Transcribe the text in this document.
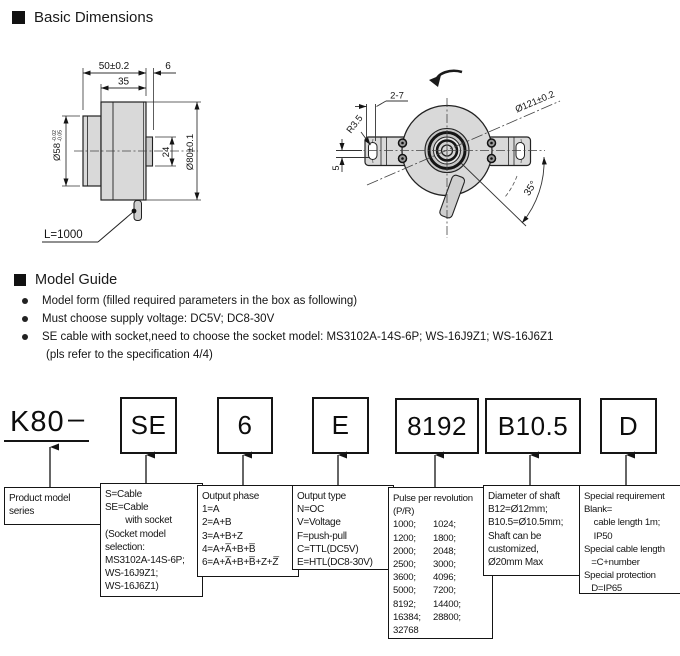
Basic Dimensions
50±0.2	6
35
Ø58
-0.02 -0.05
24 Ø80±0.1
L=1000
2-7
R3.5
5
Ø121±0.2
35°
Model Guide
Model form (filled required parameters in the box as following)
Must choose supply voltage: DC5V; DC8-30V
SE cable with socket,need to choose the socket model: MS3102A-14S-6P; WS-16J9Z1; WS-16J6Z1
(pls refer to the specification 4/4)
K80 –	SE	6	E	8192	B10.5	D
Product model
series
S=Cable
SE=Cable
with socket
(Socket model
selection:
MS3102A-14S-6P;
WS-16J9Z1;
WS-16J6Z1)
Output phase
1=A
2=A+B
3=A+B+Z
4=A+A̅+B+B̅
6=A+A̅+B+B̅+Z+Z̅
Output type
N=OC
V=Voltage
F=push-pull
C=TTL(DC5V)
E=HTL(DC8-30V)
Pulse per revolution
(P/R)
1000;	1024;
1200;	1800;
2000;	2048;
2500;	3000;
3600;	4096;
5000;	7200;
8192;	14400;
16384;	28800;
32768
Diameter of shaft
B12=Ø12mm;
B10.5=Ø10.5mm;
Shaft can be
customized,
Ø20mm Max
Special requirement
Blank=
cable length 1m;
IP50
Special cable length
=C+number
Special protection
D=IP65
